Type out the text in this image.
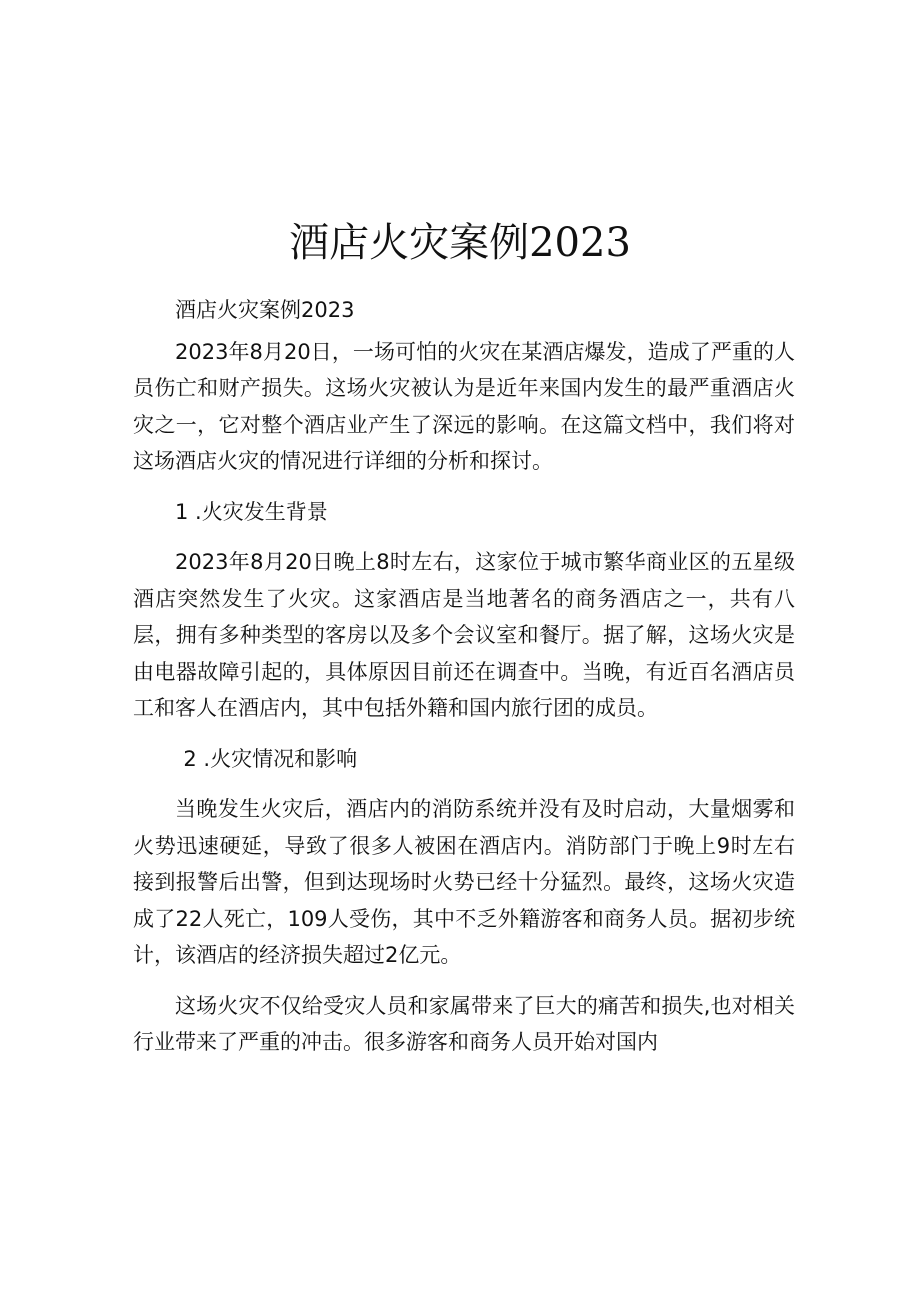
酒店火灾案例2023

酒店火灾案例2023

2023年8月20日，一场可怕的火灾在某酒店爆发，造成了严重的人员伤亡和财产损失。这场火灾被认为是近年来国内发生的最严重酒店火灾之一，它对整个酒店业产生了深远的影响。在这篇文档中，我们将对这场酒店火灾的情况进行详细的分析和探讨。

1 .火灾发生背景

2023年8月20日晚上8时左右，这家位于城市繁华商业区的五星级酒店突然发生了火灾。这家酒店是当地著名的商务酒店之一，共有八层，拥有多种类型的客房以及多个会议室和餐厅。据了解，这场火灾是由电器故障引起的，具体原因目前还在调查中。当晚，有近百名酒店员工和客人在酒店内，其中包括外籍和国内旅行团的成员。

2 .火灾情况和影响

当晚发生火灾后，酒店内的消防系统并没有及时启动，大量烟雾和火势迅速硬延，导致了很多人被困在酒店内。消防部门于晚上9时左右接到报警后出警，但到达现场时火势已经十分猛烈。最终，这场火灾造成了22人死亡，109人受伤，其中不乏外籍游客和商务人员。据初步统计，该酒店的经济损失超过2亿元。

这场火灾不仅给受灾人员和家属带来了巨大的痛苦和损失,也对相关行业带来了严重的冲击。很多游客和商务人员开始对国内
